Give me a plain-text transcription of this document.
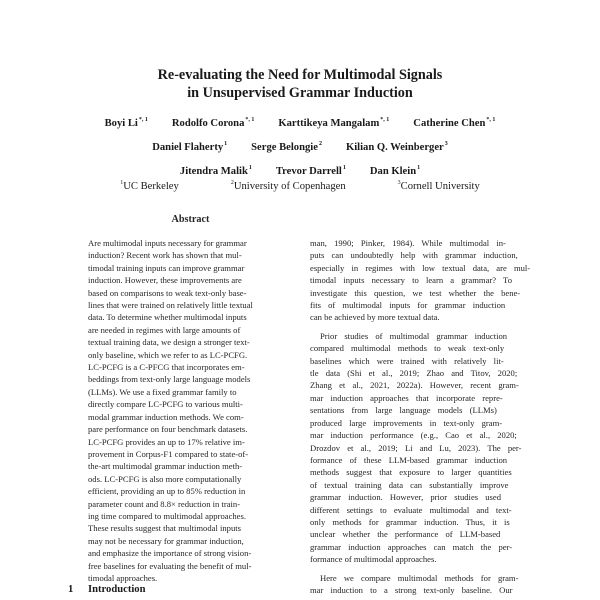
Re-evaluating the Need for Multimodal Signals
in Unsupervised Grammar Induction
Boyi $Li^{*, 1}$ Rodolfo Corona$^{*, 1}$ Karttikeya Mangalam$^{*, 1}$ Catherine Chen$^{*, 1}$
Daniel Flaherty$^1$ Serge Belongie$^2$ Kilian Q. Weinberger$^3$
Jitendra Malik$^1$ Trevor Darrell$^1$ Dan Klein$^1$
$^1$UC Berkeley	$^2$University of Copenhagen	$^3$Cornell University
Abstract
Are multimodal inputs necessary for grammar
induction? Recent work has shown that mul-
timodal training inputs can improve grammar
induction. However, these improvements are
based on comparisons to weak text-only base-
lines that were trained on relatively little textual
data. To determine whether multimodal inputs
are needed in regimes with large amounts of
textual training data, we design a stronger text-
only baseline, which we refer to as LC-PCFG.
LC-PCFG is a C-PFCG that incorporates em-
beddings from text-only large language models
(LLMs). We use a fixed grammar family to
directly compare LC-PCFG to various multi-
modal grammar induction methods. We com-
pare performance on four benchmark datasets.
LC-PCFG provides an up to 17% relative im-
provement in Corpus-F1 compared to state-of-
the-art multimodal grammar induction meth-
ods. LC-PCFG is also more computationally
efficient, providing an up to 85% reduction in
parameter count and 8.8× reduction in train-
ing time compared to multimodal approaches.
These results suggest that multimodal inputs
may not be necessary for grammar induction,
and emphasize the importance of strong vision-
free baselines for evaluating the benefit of mul-
timodal approaches.
1 Introduction
man, 1990; Pinker, 1984). While multimodal in-
puts can undoubtedly help with grammar induction,
especially in regimes with low textual data, are mul-
timodal inputs necessary to learn a grammar? To
investigate this question, we test whether the bene-
fits of multimodal inputs for grammar induction
can be achieved by more textual data.
Prior studies of multimodal grammar induction
compared multimodal methods to weak text-only
baselines which were trained with relatively lit-
tle data (Shi et al., 2019; Zhao and Titov, 2020;
Zhang et al., 2021, 2022a). However, recent gram-
mar induction approaches that incorporate repre-
sentations from large language models (LLMs)
produced large improvements in text-only gram-
mar induction performance (e.g., Cao et al., 2020;
Drozdov et al., 2019; Li and Lu, 2023). The per-
formance of these LLM-based grammar induction
methods suggest that exposure to larger quantities
of textual training data can substantially improve
grammar induction. However, prior studies used
different settings to evaluate multimodal and text-
only methods for grammar induction. Thus, it is
unclear whether the performance of LLM-based
grammar induction approaches can match the per-
formance of multimodal approaches.
Here we compare multimodal methods for gram-
mar induction to a strong text-only baseline. Our
